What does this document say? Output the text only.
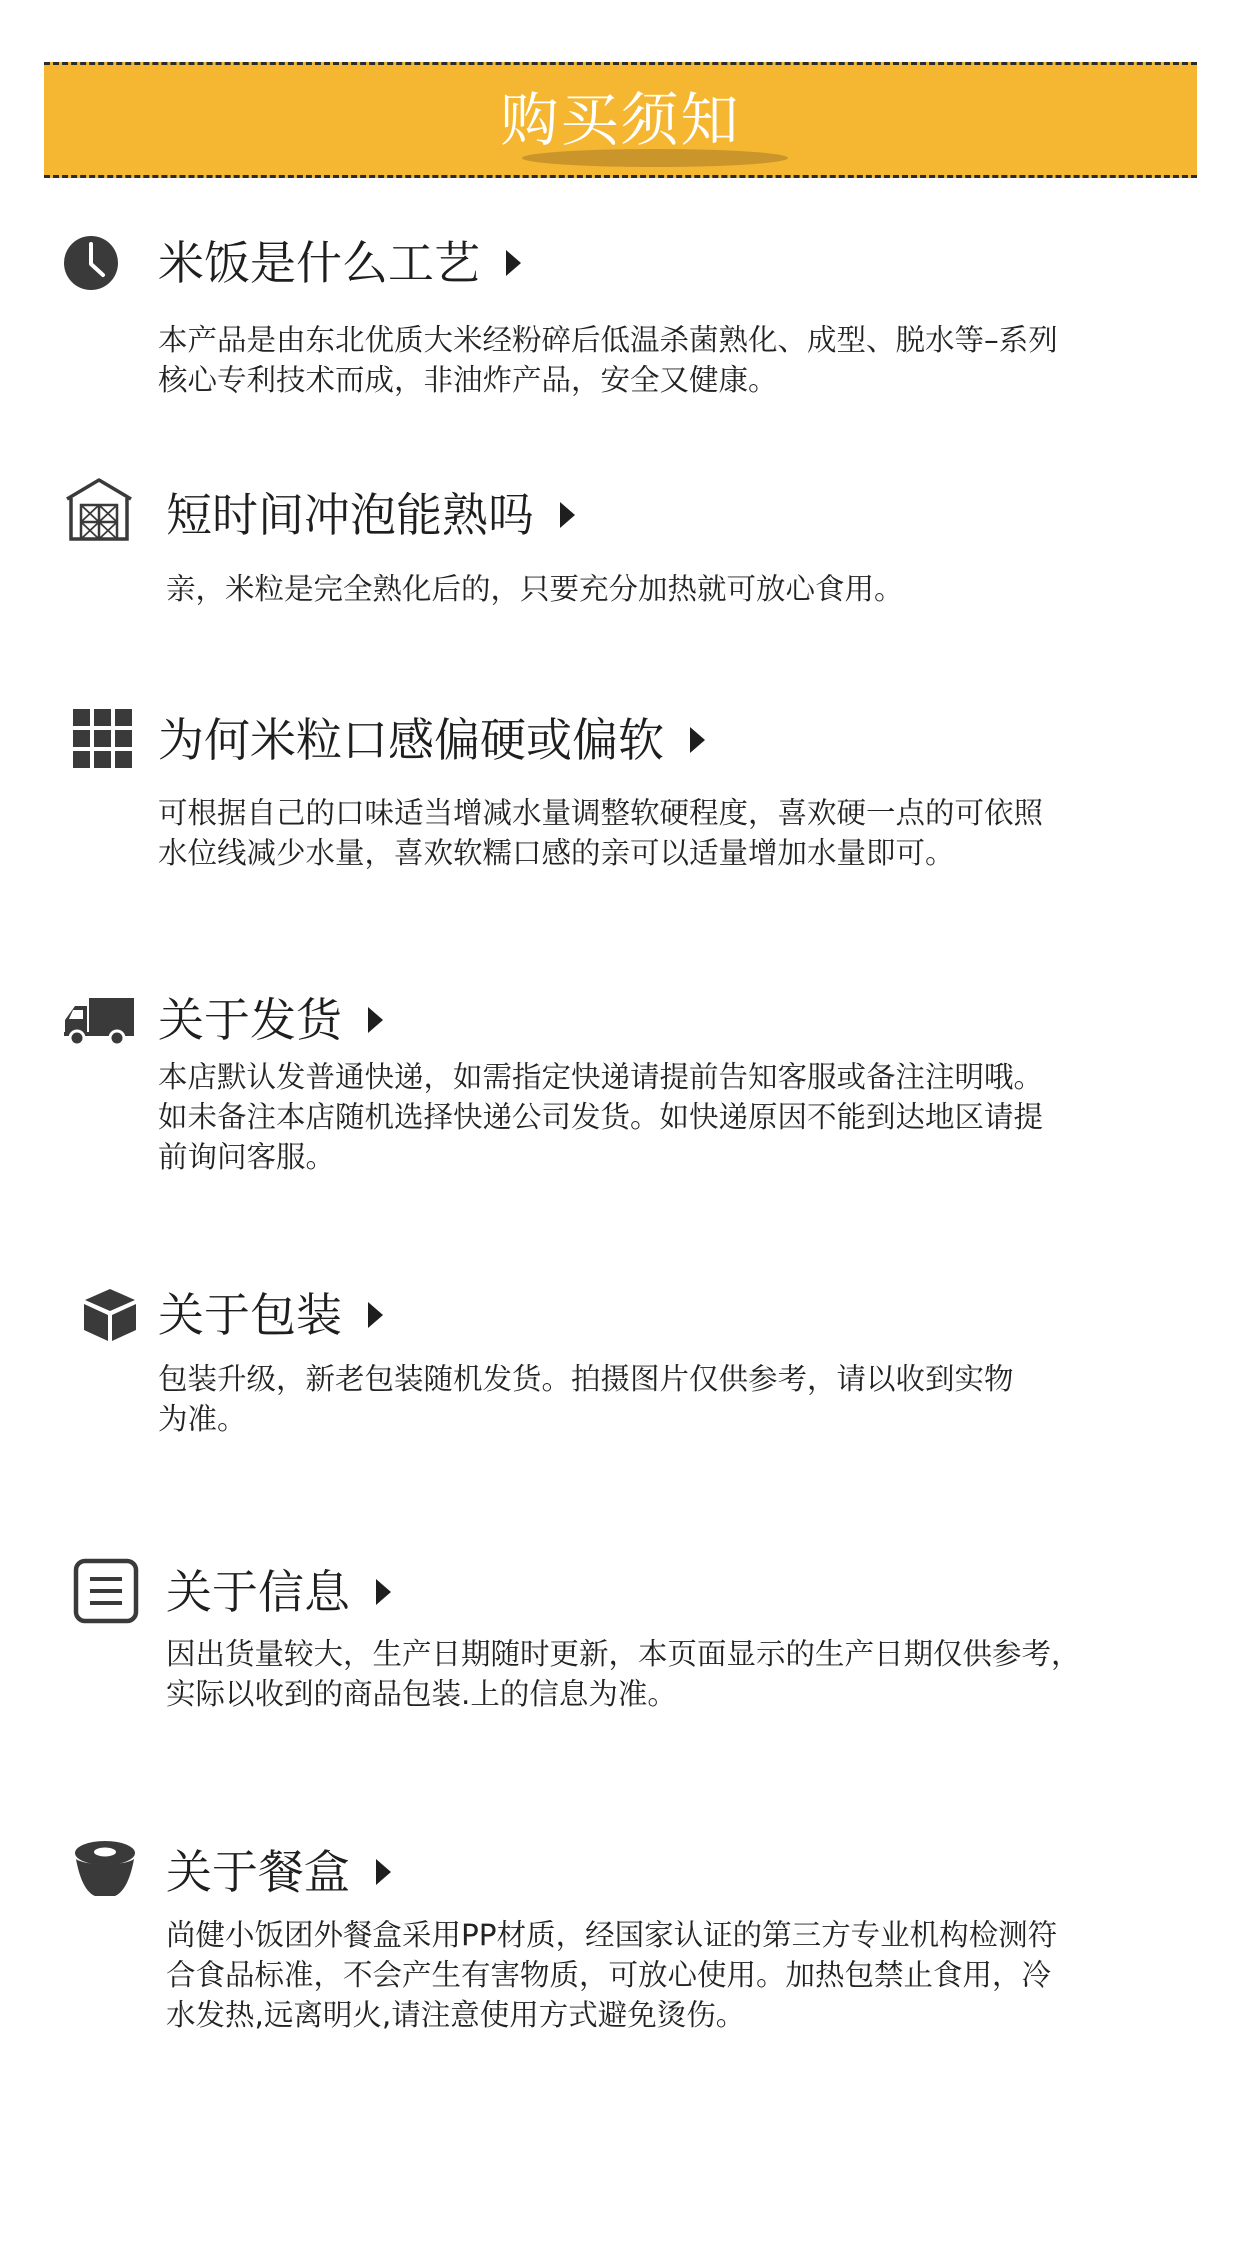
购买须知
米饭是什么工艺

本产品是由东北优质大米经粉碎后低温杀菌熟化、成型、脱水等–系列
核心专利技术而成，非油炸产品，安全又健康。

短时间冲泡能熟吗

亲，米粒是完全熟化后的，只要充分加热就可放心食用。

为何米粒口感偏硬或偏软

可根据自己的口味适当增减水量调整软硬程度，喜欢硬一点的可依照
水位线减少水量，喜欢软糯口感的亲可以适量增加水量即可。

关于发货

本店默认发普通快递，如需指定快递请提前告知客服或备注注明哦。
如未备注本店随机选择快递公司发货。如快递原因不能到达地区请提
前询问客服。

关于包装

包装升级，新老包装随机发货。拍摄图片仅供参考，请以收到实物
为准。

关于信息

因出货量较大，生产日期随时更新，本页面显示的生产日期仅供参考，
实际以收到的商品包装.上的信息为准。

关于餐盒

尚健小饭团外餐盒采用PP材质，经国家认证的第三方专业机构检测符
合食品标准，不会产生有害物质，可放心使用。加热包禁止食用，冷
水发热,远离明火,请注意使用方式避免烫伤。
